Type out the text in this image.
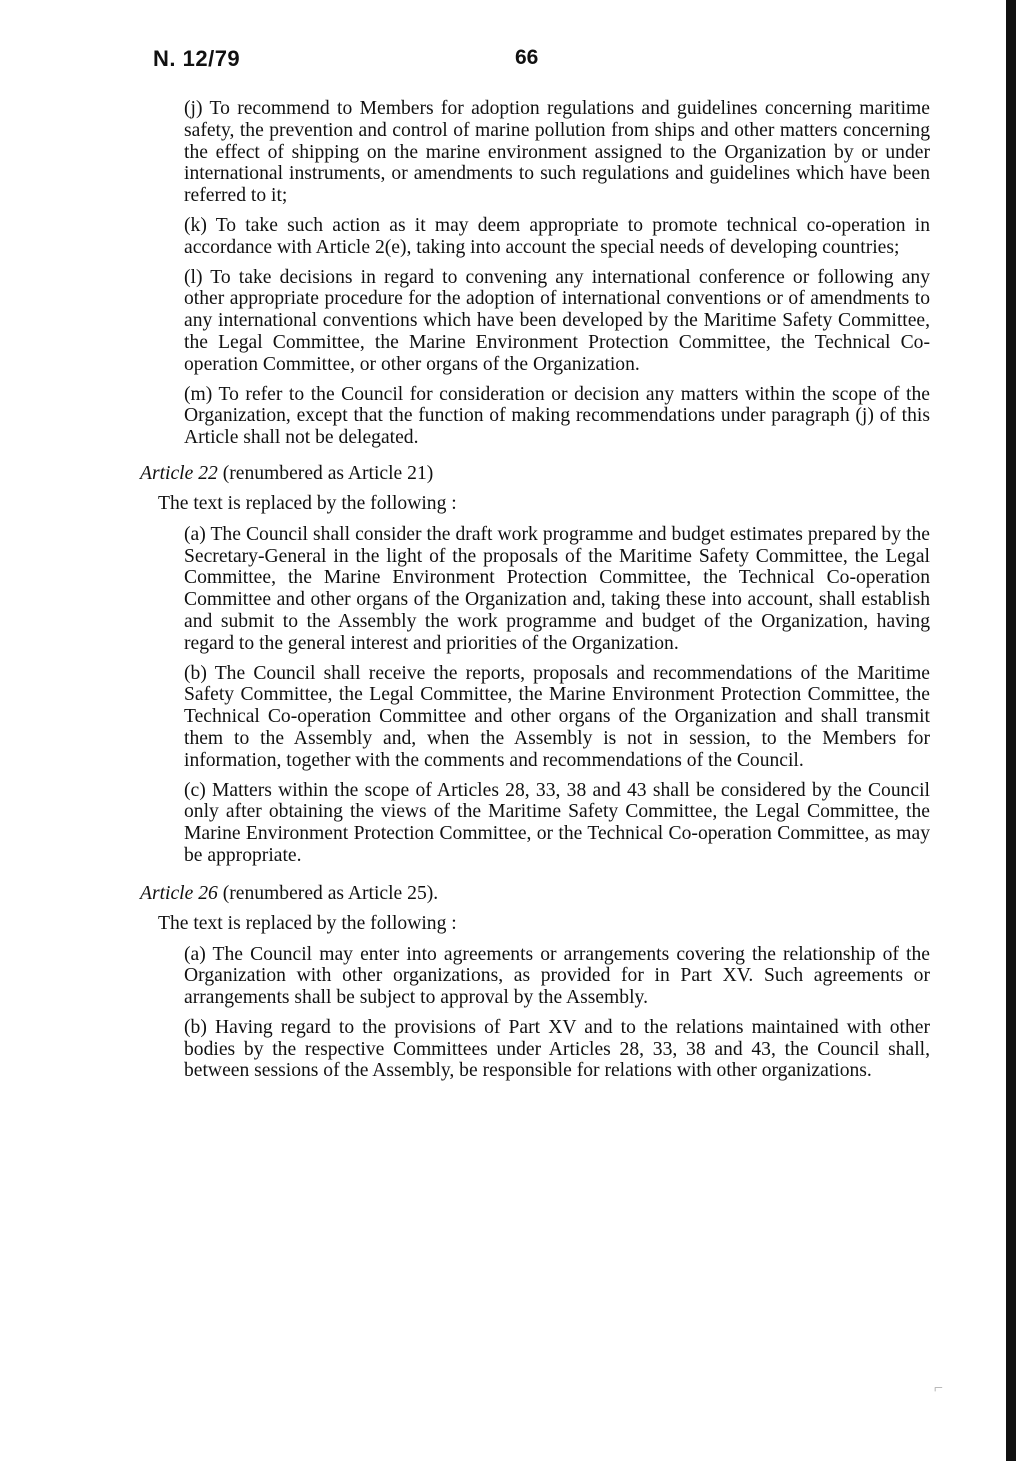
N. 12/79	66

(j) To recommend to Members for adoption regulations and guidelines concerning maritime safety, the prevention and control of marine pollution from ships and other matters concerning the effect of shipping on the marine environment assigned to the Organization by or under international instruments, or amendments to such regulations and guidelines which have been referred to it;

(k) To take such action as it may deem appropriate to promote technical co-operation in accordance with Article 2(e), taking into account the special needs of developing countries;

(l) To take decisions in regard to convening any international conference or following any other appropriate procedure for the adoption of international conventions or of amendments to any international conventions which have been developed by the Maritime Safety Committee, the Legal Committee, the Marine Environment Protection Committee, the Technical Co-operation Committee, or other organs of the Organization.

(m) To refer to the Council for consideration or decision any matters within the scope of the Organization, except that the function of making recommendations under paragraph (j) of this Article shall not be delegated.

Article 22 (renumbered as Article 21)

The text is replaced by the following :

(a) The Council shall consider the draft work programme and budget estimates prepared by the Secretary-General in the light of the proposals of the Maritime Safety Committee, the Legal Committee, the Marine Environment Protection Committee, the Technical Co-operation Committee and other organs of the Organization and, taking these into account, shall establish and submit to the Assembly the work programme and budget of the Organization, having regard to the general interest and priorities of the Organization.

(b) The Council shall receive the reports, proposals and recommendations of the Maritime Safety Committee, the Legal Committee, the Marine Environment Protection Committee, the Technical Co-operation Committee and other organs of the Organization and shall transmit them to the Assembly and, when the Assembly is not in session, to the Members for information, together with the comments and recommendations of the Council.

(c) Matters within the scope of Articles 28, 33, 38 and 43 shall be considered by the Council only after obtaining the views of the Maritime Safety Committee, the Legal Committee, the Marine Environment Protection Committee, or the Technical Co-operation Committee, as may be appropriate.

Article 26 (renumbered as Article 25).

The text is replaced by the following :

(a) The Council may enter into agreements or arrangements covering the relationship of the Organization with other organizations, as provided for in Part XV. Such agreements or arrangements shall be subject to approval by the Assembly.

(b) Having regard to the provisions of Part XV and to the relations maintained with other bodies by the respective Committees under Articles 28, 33, 38 and 43, the Council shall, between sessions of the Assembly, be responsible for relations with other organizations.

⌐
